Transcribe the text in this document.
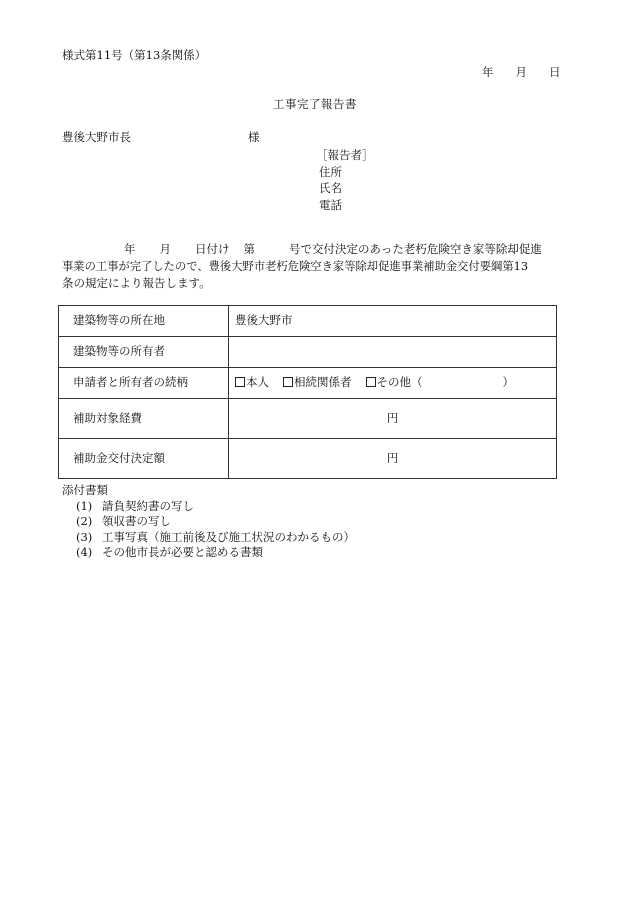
様式第11号（第13条関係）
年 月 日
工事完了報告書
豊後大野市長	様
［報告者］
住所
氏名
電話
年 月 日付け 第	号で交付決定のあった老朽危険空き家等除却促進
事業の工事が完了したので、豊後大野市老朽危険空き家等除却促進事業補助金交付要綱第13
条の規定により報告します。
建築物等の所在地	豊後大野市
建築物等の所有者	
申請者と所有者の続柄	本人 相続関係者 その他（ ）
補助対象経費	円
補助金交付決定額	円
添付書類
(1) 請負契約書の写し
(2) 領収書の写し
(3) 工事写真（施工前後及び施工状況のわかるもの）
(4) その他市長が必要と認める書類
